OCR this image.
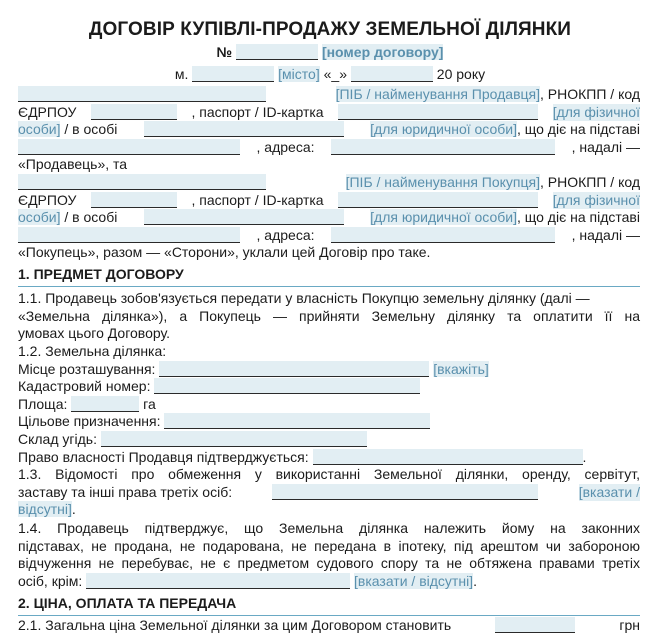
ДОГОВІР КУПІВЛІ-ПРОДАЖУ ЗЕМЕЛЬНОЇ ДІЛЯНКИ
№	[номер договору]
м.	[місто] «_»	20 року
[ПІБ / найменування Продавця], РНОКПП / код
ЄДРПОУ	, паспорт / ID-картка	[для фізичної
особи] / в особі	[для юридичної особи], що діє на підставі
, адреса:	, надалі —
«Продавець», та
[ПІБ / найменування Покупця], РНОКПП / код
ЄДРПОУ	, паспорт / ID-картка	[для фізичної
особи] / в особі	[для юридичної особи], що діє на підставі
, адреса:	, надалі —
«Покупець», разом — «Сторони», уклали цей Договір про таке.
1. ПРЕДМЕТ ДОГОВОРУ
1.1. Продавець зобов'язується передати у власність Покупцю земельну ділянку (далі —
«Земельна ділянка»), а Покупець — прийняти Земельну ділянку та оплатити її на
умовах цього Договору.
1.2. Земельна ділянка:
Місце розташування:	[вкажіть]
Кадастровий номер:
Площа:	га
Цільове призначення:
Склад угідь:
Право власності Продавця підтверджується:	.
1.3. Відомості про обмеження у використанні Земельної ділянки, оренду, сервітут,
заставу та інші права третіх осіб:	[вказати /
відсутні].
1.4. Продавець підтверджує, що Земельна ділянка належить йому на законних
підставах, не продана, не подарована, не передана в іпотеку, під арештом чи забороною
відчуження не перебуває, не є предметом судового спору та не обтяжена правами третіх
осіб, крім:	[вказати / відсутні].
2. ЦІНА, ОПЛАТА ТА ПЕРЕДАЧА
2.1. Загальна ціна Земельної ділянки за цим Договором становить	грн
